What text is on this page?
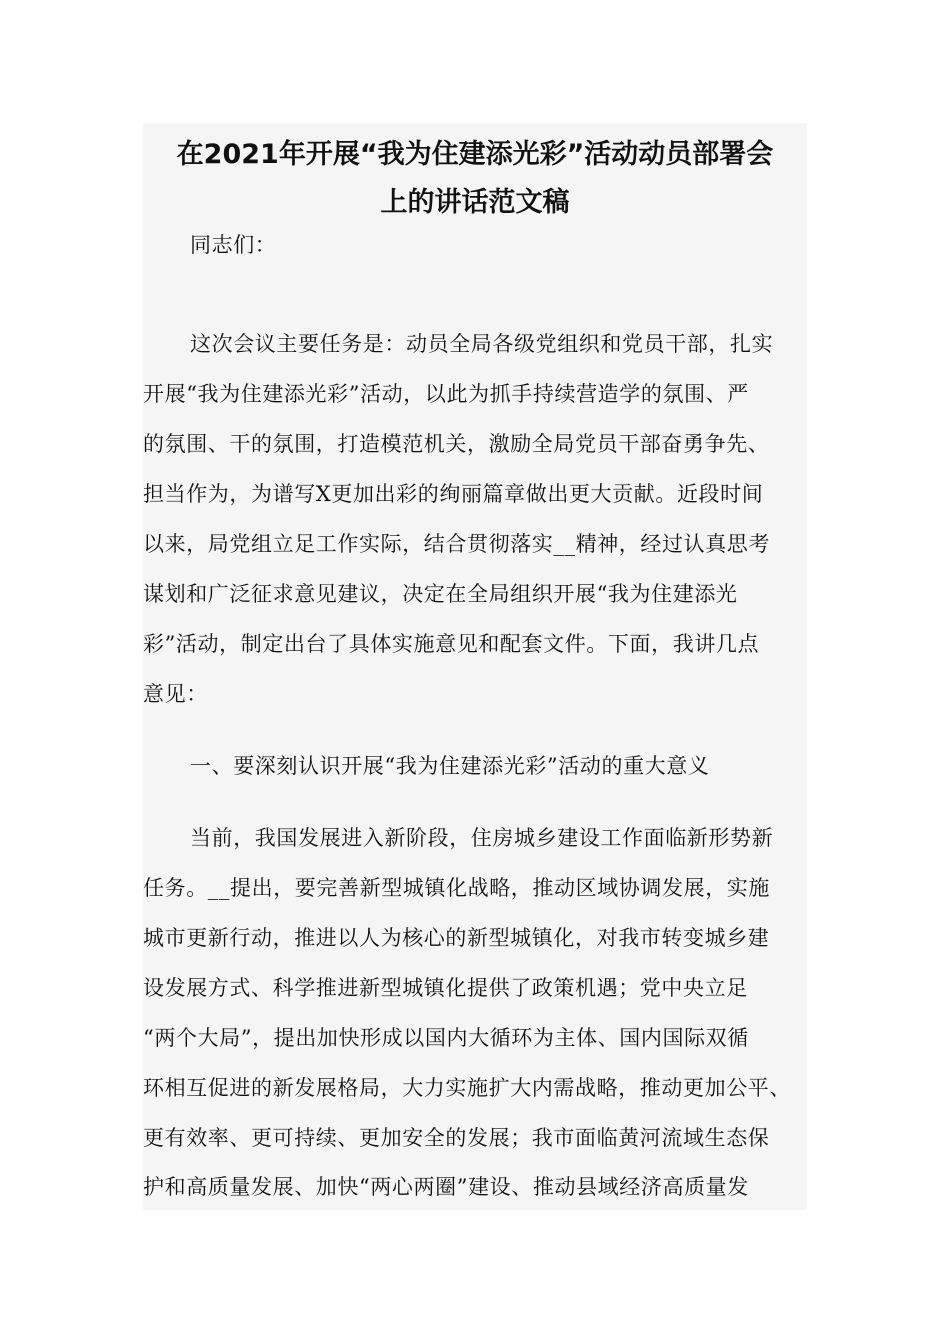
在2021年开展“我为住建添光彩”活动动员部署会
上的讲话范文稿

同志们：

这次会议主要任务是：动员全局各级党组织和党员干部，扎实

开展“我为住建添光彩”活动，以此为抓手持续营造学的氛围、严

的氛围、干的氛围，打造模范机关，激励全局党员干部奋勇争先、

担当作为，为谱写X更加出彩的绚丽篇章做出更大贡献。近段时间

以来，局党组立足工作实际，结合贯彻落实__精神，经过认真思考

谋划和广泛征求意见建议，决定在全局组织开展“我为住建添光

彩”活动，制定出台了具体实施意见和配套文件。下面，我讲几点

意见：

一、要深刻认识开展“我为住建添光彩”活动的重大意义

当前，我国发展进入新阶段，住房城乡建设工作面临新形势新

任务。__提出，要完善新型城镇化战略，推动区域协调发展，实施

城市更新行动，推进以人为核心的新型城镇化，对我市转变城乡建

设发展方式、科学推进新型城镇化提供了政策机遇；党中央立足

“两个大局”，提出加快形成以国内大循环为主体、国内国际双循

环相互促进的新发展格局，大力实施扩大内需战略，推动更加公平、

更有效率、更可持续、更加安全的发展；我市面临黄河流域生态保

护和高质量发展、加快“两心两圈”建设、推动县域经济高质量发
